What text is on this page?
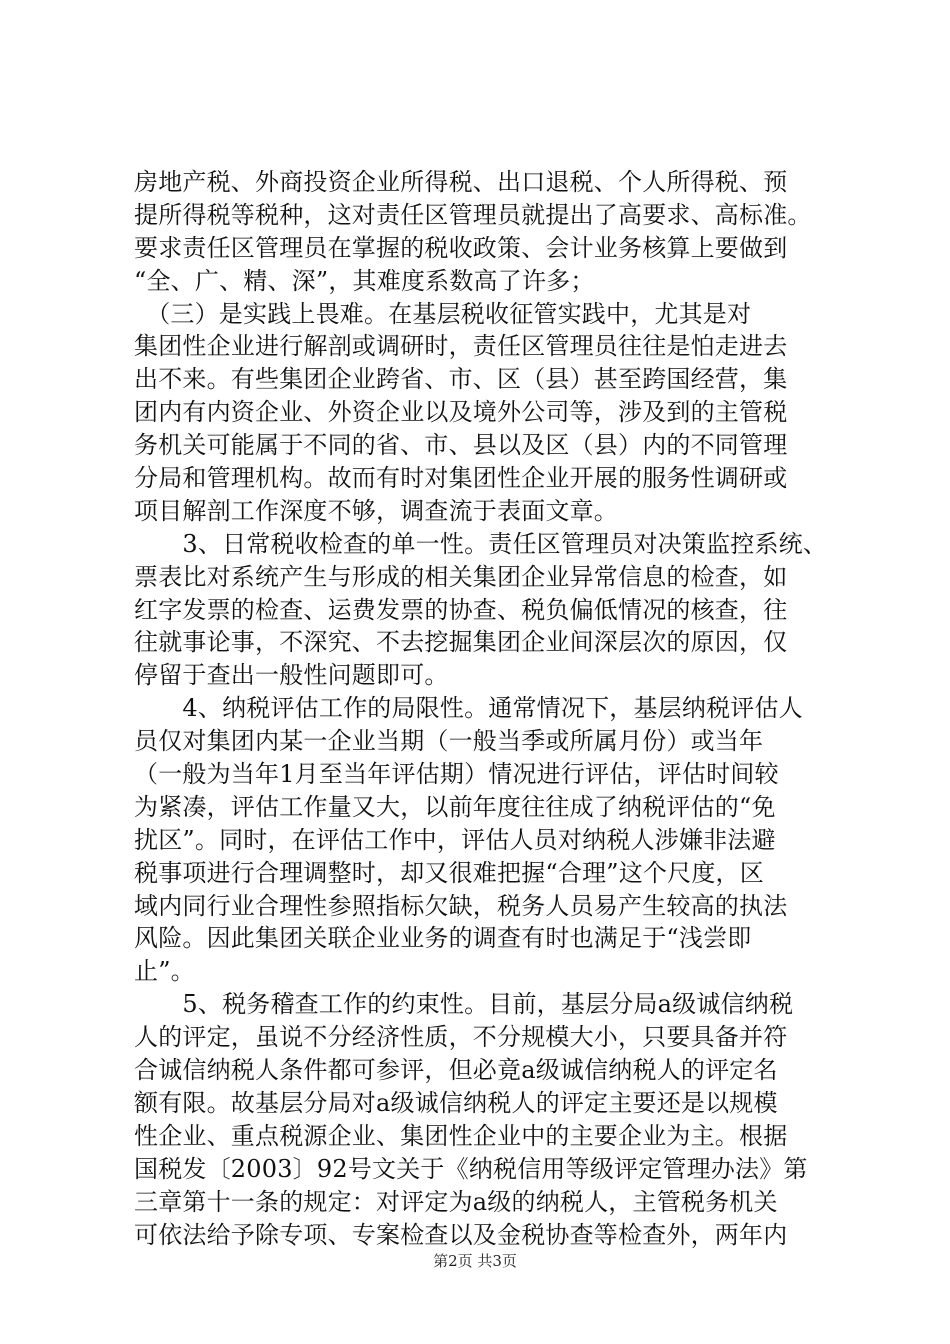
房地产税、外商投资企业所得税、出口退税、个人所得税、预
提所得税等税种，这对责任区管理员就提出了高要求、高标准。
要求责任区管理员在掌握的税收政策、会计业务核算上要做到
“全、广、精、深”，其难度系数高了许多；
　（三）是实践上畏难。在基层税收征管实践中，尤其是对
集团性企业进行解剖或调研时，责任区管理员往往是怕走进去
出不来。有些集团企业跨省、市、区（县）甚至跨国经营，集
团内有内资企业、外资企业以及境外公司等，涉及到的主管税
务机关可能属于不同的省、市、县以及区（县）内的不同管理
分局和管理机构。故而有时对集团性企业开展的服务性调研或
项目解剖工作深度不够，调查流于表面文章。
　　3、日常税收检查的单一性。责任区管理员对决策监控系统、
票表比对系统产生与形成的相关集团企业异常信息的检查，如
红字发票的检查、运费发票的协查、税负偏低情况的核查，往
往就事论事，不深究、不去挖掘集团企业间深层次的原因，仅
停留于查出一般性问题即可。
　　4、纳税评估工作的局限性。通常情况下，基层纳税评估人
员仅对集团内某一企业当期（一般当季或所属月份）或当年
（一般为当年1月至当年评估期）情况进行评估，评估时间较
为紧凑，评估工作量又大，以前年度往往成了纳税评估的“免
扰区”。同时，在评估工作中，评估人员对纳税人涉嫌非法避
税事项进行合理调整时，却又很难把握“合理”这个尺度，区
域内同行业合理性参照指标欠缺，税务人员易产生较高的执法
风险。因此集团关联企业业务的调查有时也满足于“浅尝即
止”。
　　5、税务稽查工作的约束性。目前，基层分局a级诚信纳税
人的评定，虽说不分经济性质，不分规模大小，只要具备并符
合诚信纳税人条件都可参评，但必竟a级诚信纳税人的评定名
额有限。故基层分局对a级诚信纳税人的评定主要还是以规模
性企业、重点税源企业、集团性企业中的主要企业为主。根据
国税发〔2003〕92号文关于《纳税信用等级评定管理办法》第
三章第十一条的规定：对评定为a级的纳税人，主管税务机关
可依法给予除专项、专案检查以及金税协查等检查外，两年内
第2页 共3页
